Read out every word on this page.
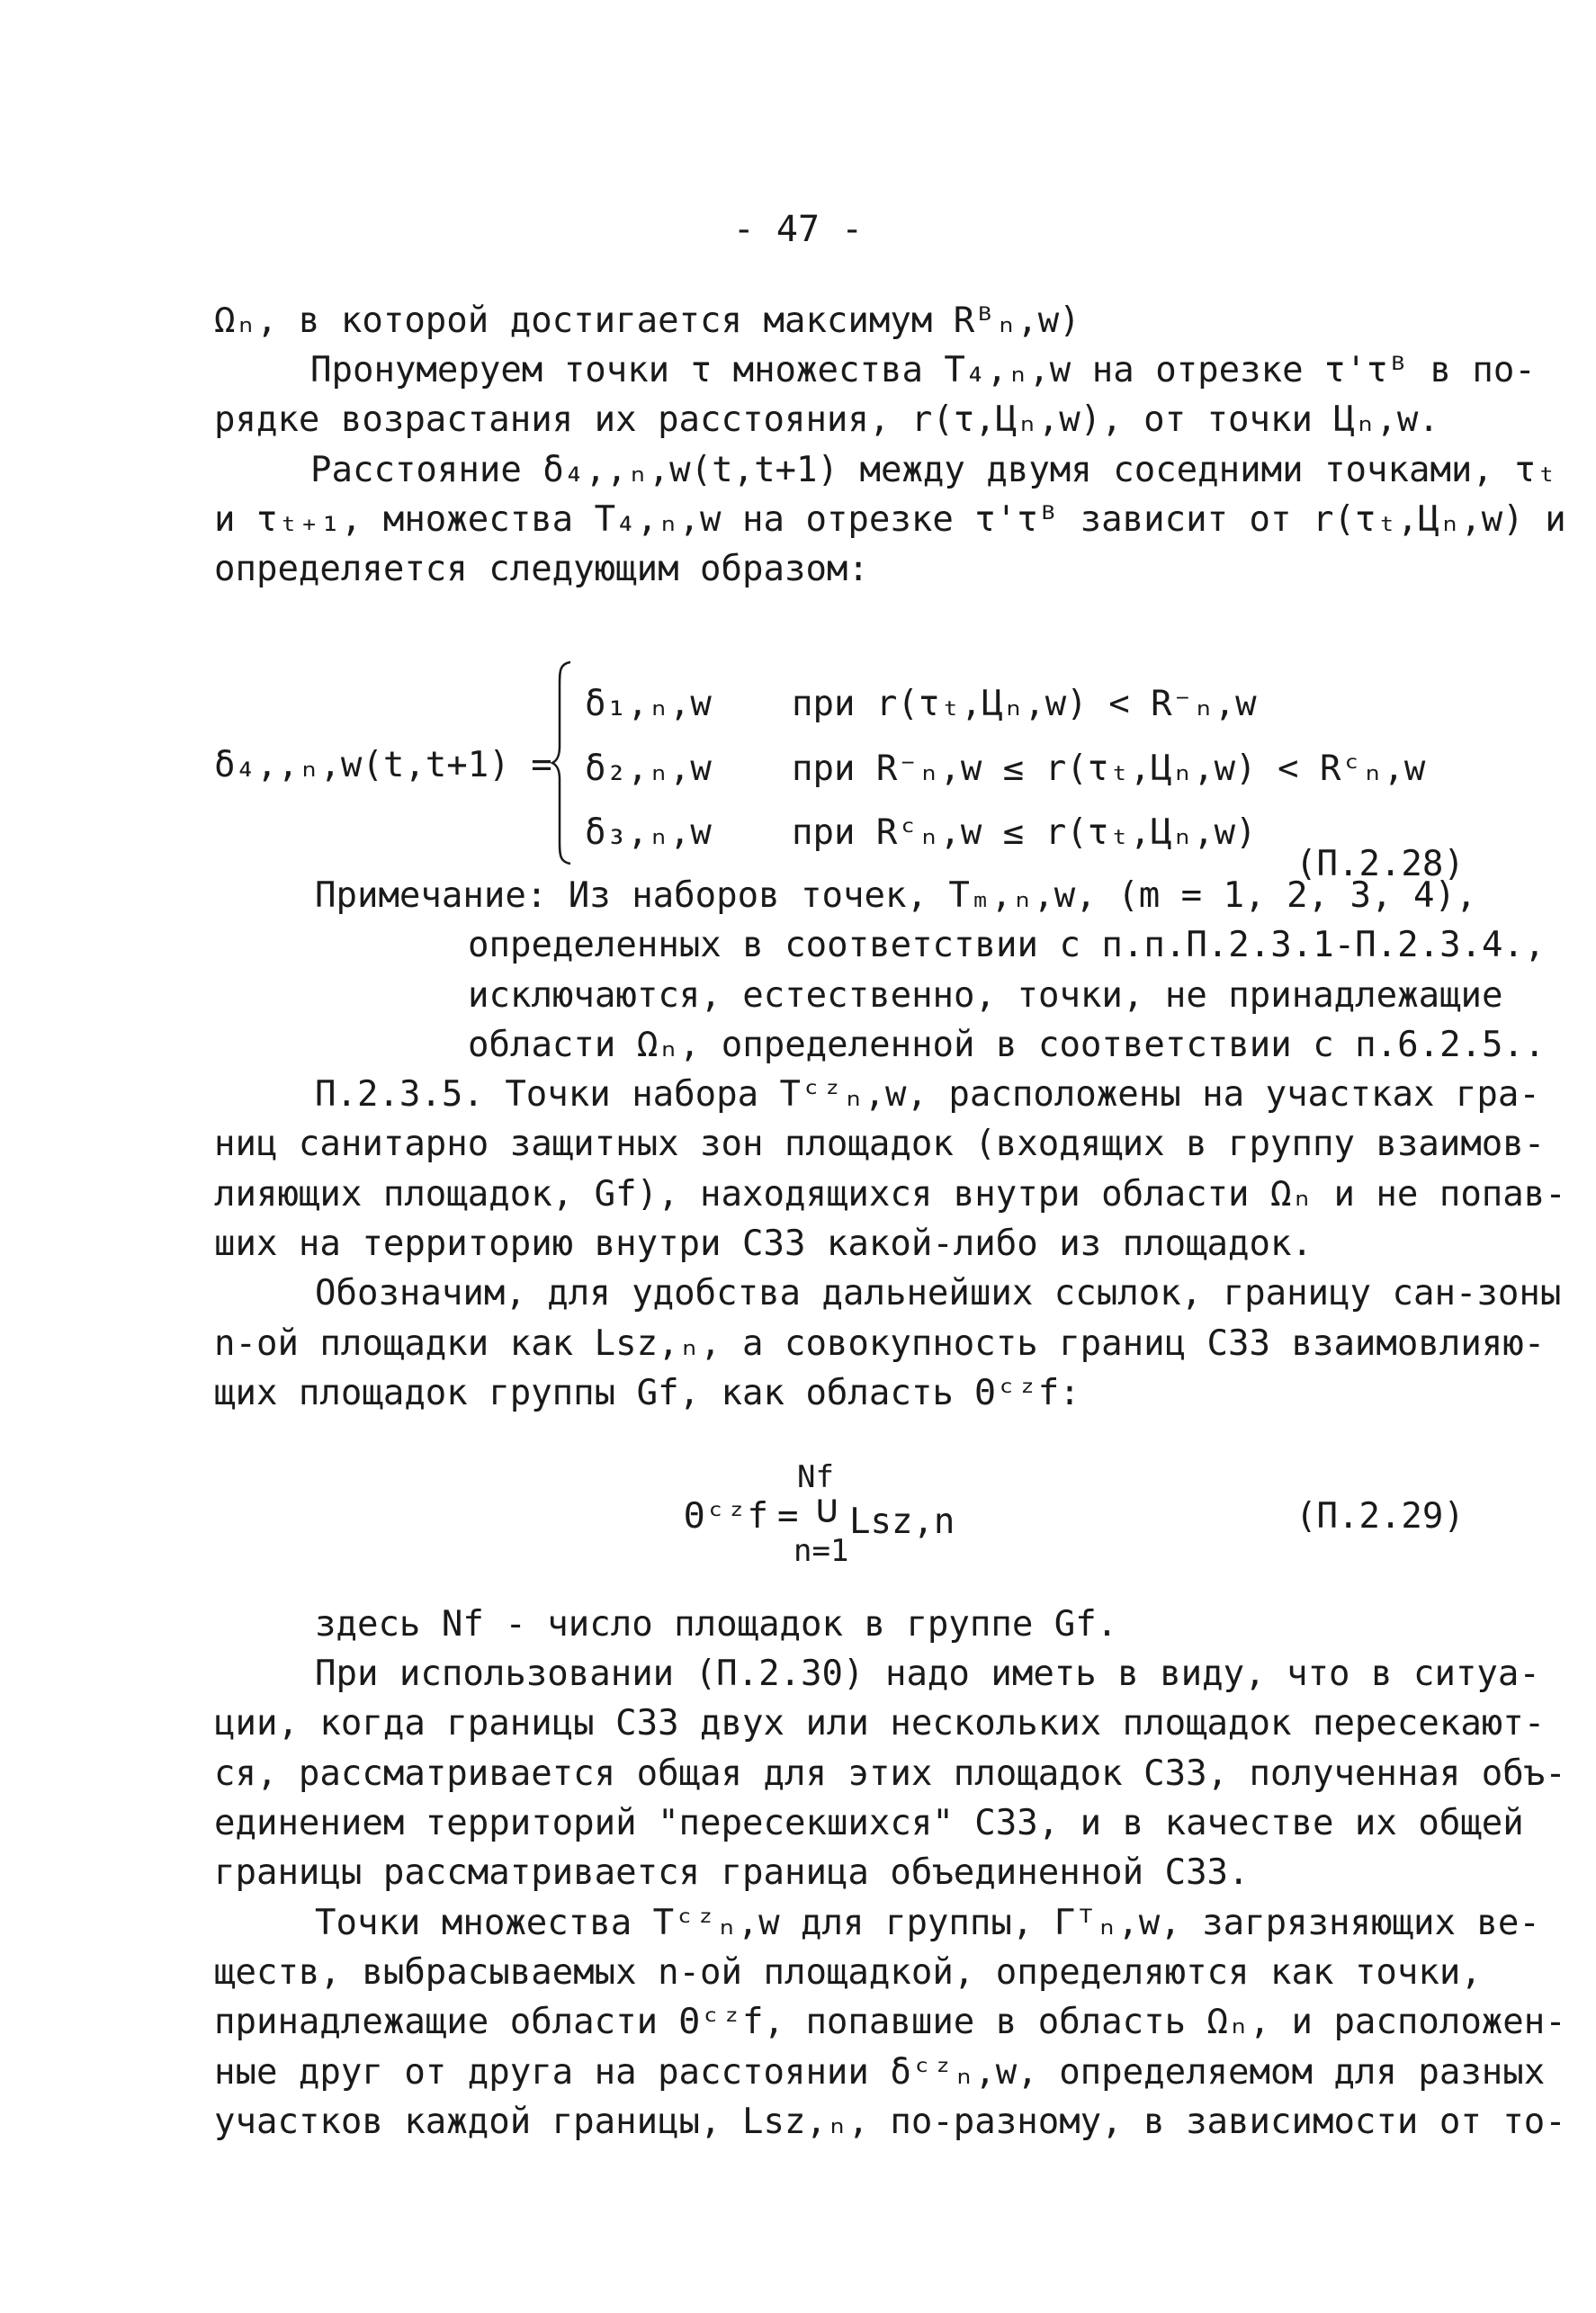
- 47 -
Ωₙ, в которой достигается максимум Rᴮₙ,w)
Пронумеруем точки τ множества T₄,ₙ,w на отрезке τ'τᴮ в по-
рядке возрастания их расстояния, r(τ,Цₙ,w), от точки Цₙ,w.
Расстояние δ₄,,ₙ,w(t,t+1) между двумя соседними точками, τₜ
и τₜ₊₁, множества T₄,ₙ,w на отрезке τ'τᴮ зависит от r(τₜ,Цₙ,w) и
определяется следующим образом:
δ₄,,ₙ,w(t,t+1) =
δ₁,ₙ,w при r(τₜ,Цₙ,w) < R⁻ₙ,w
δ₂,ₙ,w при R⁻ₙ,w ≤ r(τₜ,Цₙ,w) < Rᶜₙ,w
δ₃,ₙ,w при Rᶜₙ,w ≤ r(τₜ,Цₙ,w)
(П.2.28)
Примечание: Из наборов точек, Tₘ,ₙ,w, (m = 1, 2, 3, 4),
определенных в соответствии с п.п.П.2.3.1-П.2.3.4.,
исключаются, естественно, точки, не принадлежащие
области Ωₙ, определенной в соответствии с п.6.2.5..
П.2.3.5. Точки набора Tᶜᶻₙ,w, расположены на участках гра-
ниц санитарно защитных зон площадок (входящих в группу взаимов-
лияющих площадок, Gf), находящихся внутри области Ωₙ и не попав-
ших на территорию внутри СЗЗ какой-либо из площадок.
Обозначим, для удобства дальнейших ссылок, границу сан-зоны
n-ой площадки как Lsz,ₙ, а совокупность границ СЗЗ взаимовлияю-
щих площадок группы Gf, как область Θᶜᶻf:
Nf
Θᶜᶻf = ∪ Lsz,n
n=1
(П.2.29)
здесь Nf - число площадок в группе Gf.
При использовании (П.2.30) надо иметь в виду, что в ситуа-
ции, когда границы СЗЗ двух или нескольких площадок пересекают-
ся, рассматривается общая для этих площадок СЗЗ, полученная объ-
единением территорий "пересекшихся" СЗЗ, и в качестве их общей
границы рассматривается граница объединенной СЗЗ.
Точки множества Tᶜᶻₙ,w для группы, Гᵀₙ,w, загрязняющих ве-
ществ, выбрасываемых n-ой площадкой, определяются как точки,
принадлежащие области Θᶜᶻf, попавшие в область Ωₙ, и расположен-
ные друг от друга на расстоянии δᶜᶻₙ,w, определяемом для разных
участков каждой границы, Lsz,ₙ, по-разному, в зависимости от то-
